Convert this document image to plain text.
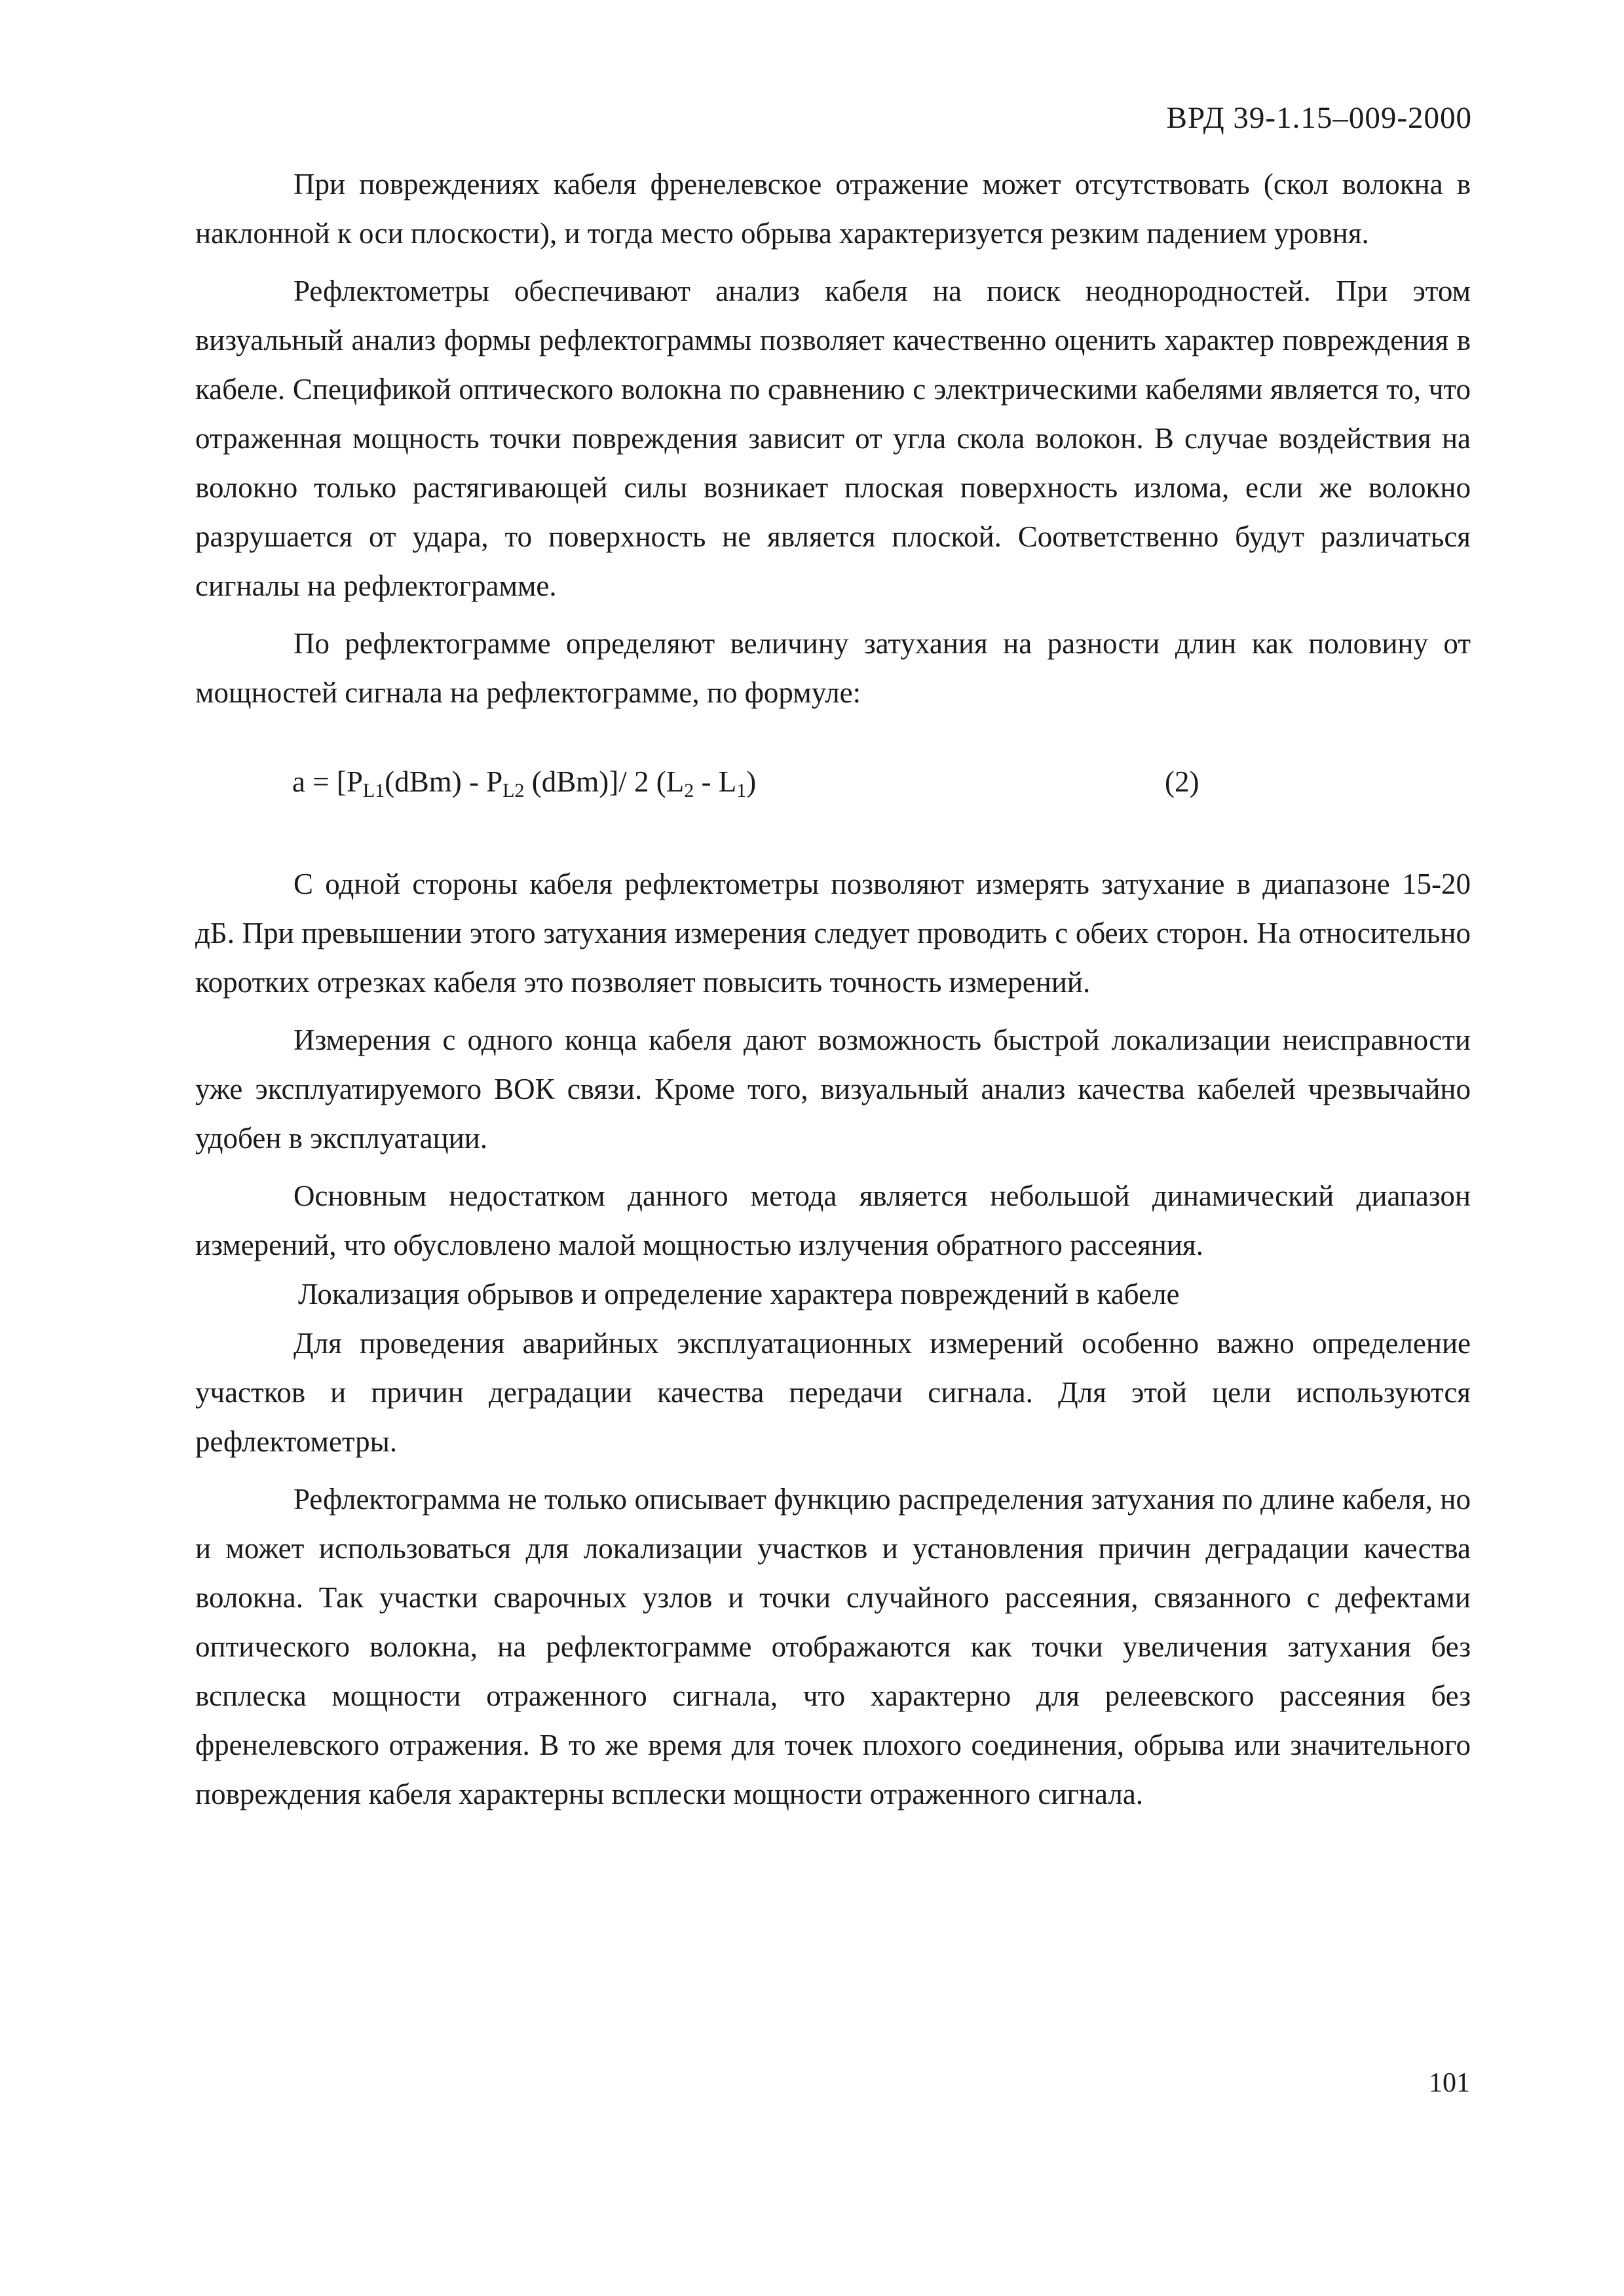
ВРД 39-1.15–009-2000

При повреждениях кабеля френелевское отражение может отсутствовать (скол волокна в наклонной к оси плоскости), и тогда место обрыва характеризуется резким падением уровня.

Рефлектометры обеспечивают анализ кабеля на поиск неоднородностей. При этом визуальный анализ формы рефлектограммы позволяет качественно оценить характер повреждения в кабеле. Спецификой оптического волокна по сравнению с электрическими кабелями является то, что отраженная мощность точки повреждения зависит от угла скола волокон. В случае воздействия на волокно только растягивающей силы возникает плоская поверхность излома, если же волокно разрушается от удара, то поверхность не является плоской. Соответственно будут различаться сигналы на рефлектограмме.

По рефлектограмме определяют величину затухания на разности длин как половину от мощностей сигнала на рефлектограмме, по формуле:

$a = [P_{L1}(dBm) - P_{L2}$ (dBm)]/ 2 $(L_2 - L_1)$	(2)

С одной стороны кабеля рефлектометры позволяют измерять затухание в диапазоне 15-20 дБ. При превышении этого затухания измерения следует проводить с обеих сторон. На относительно коротких отрезках кабеля это позволяет повысить точность измерений.

Измерения с одного конца кабеля дают возможность быстрой локализации неисправности уже эксплуатируемого ВОК связи. Кроме того, визуальный анализ качества кабелей чрезвычайно удобен в эксплуатации.

Основным недостатком данного метода является небольшой динамический диапазон измерений, что обусловлено малой мощностью излучения обратного рассеяния.

Локализация обрывов и определение характера повреждений в кабеле

Для проведения аварийных эксплуатационных измерений особенно важно определение участков и причин деградации качества передачи сигнала. Для этой цели используются рефлектометры.

Рефлектограмма не только описывает функцию распределения затухания по длине кабеля, но и может использоваться для локализации участков и установления причин деградации качества волокна. Так участки сварочных узлов и точки случайного рассеяния, связанного с дефектами оптического волокна, на рефлектограмме отображаются как точки увеличения затухания без всплеска мощности отраженного сигнала, что характерно для релеевского рассеяния без френелевского отражения. В то же время для точек плохого соединения, обрыва или значительного повреждения кабеля характерны всплески мощности отраженного сигнала.

101
